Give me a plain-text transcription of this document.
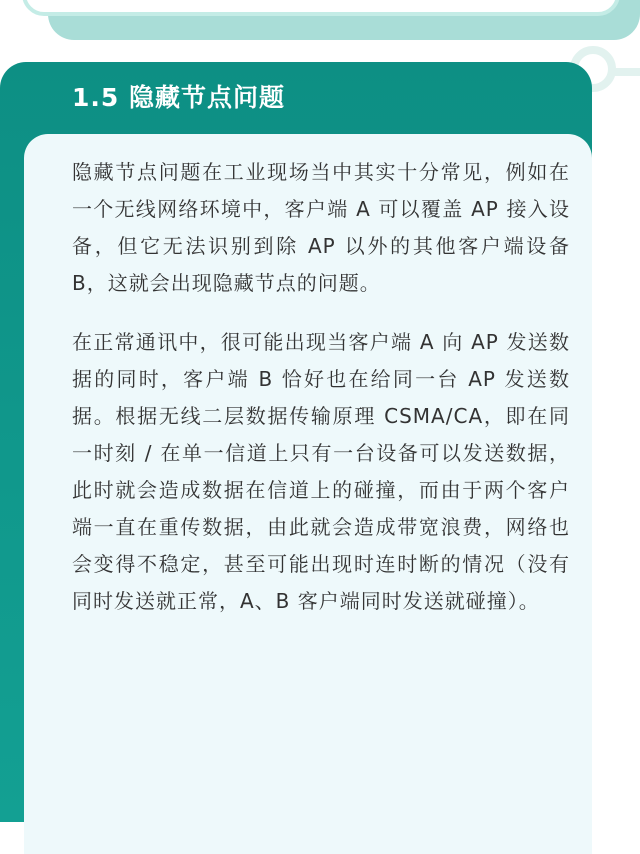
1.5 隐藏节点问题

隐藏节点问题在工业现场当中其实十分常见，例如在一个无线网络环境中，客户端 A 可以覆盖 AP 接入设备，但它无法识别到除 AP 以外的其他客户端设备 B，这就会出现隐藏节点的问题。

在正常通讯中，很可能出现当客户端 A 向 AP 发送数据的同时，客户端 B 恰好也在给同一台 AP 发送数据。根据无线二层数据传输原理 CSMA/CA，即在同一时刻 / 在单一信道上只有一台设备可以发送数据，此时就会造成数据在信道上的碰撞，而由于两个客户端一直在重传数据，由此就会造成带宽浪费，网络也会变得不稳定，甚至可能出现时连时断的情况（没有同时发送就正常，A、B 客户端同时发送就碰撞）。
